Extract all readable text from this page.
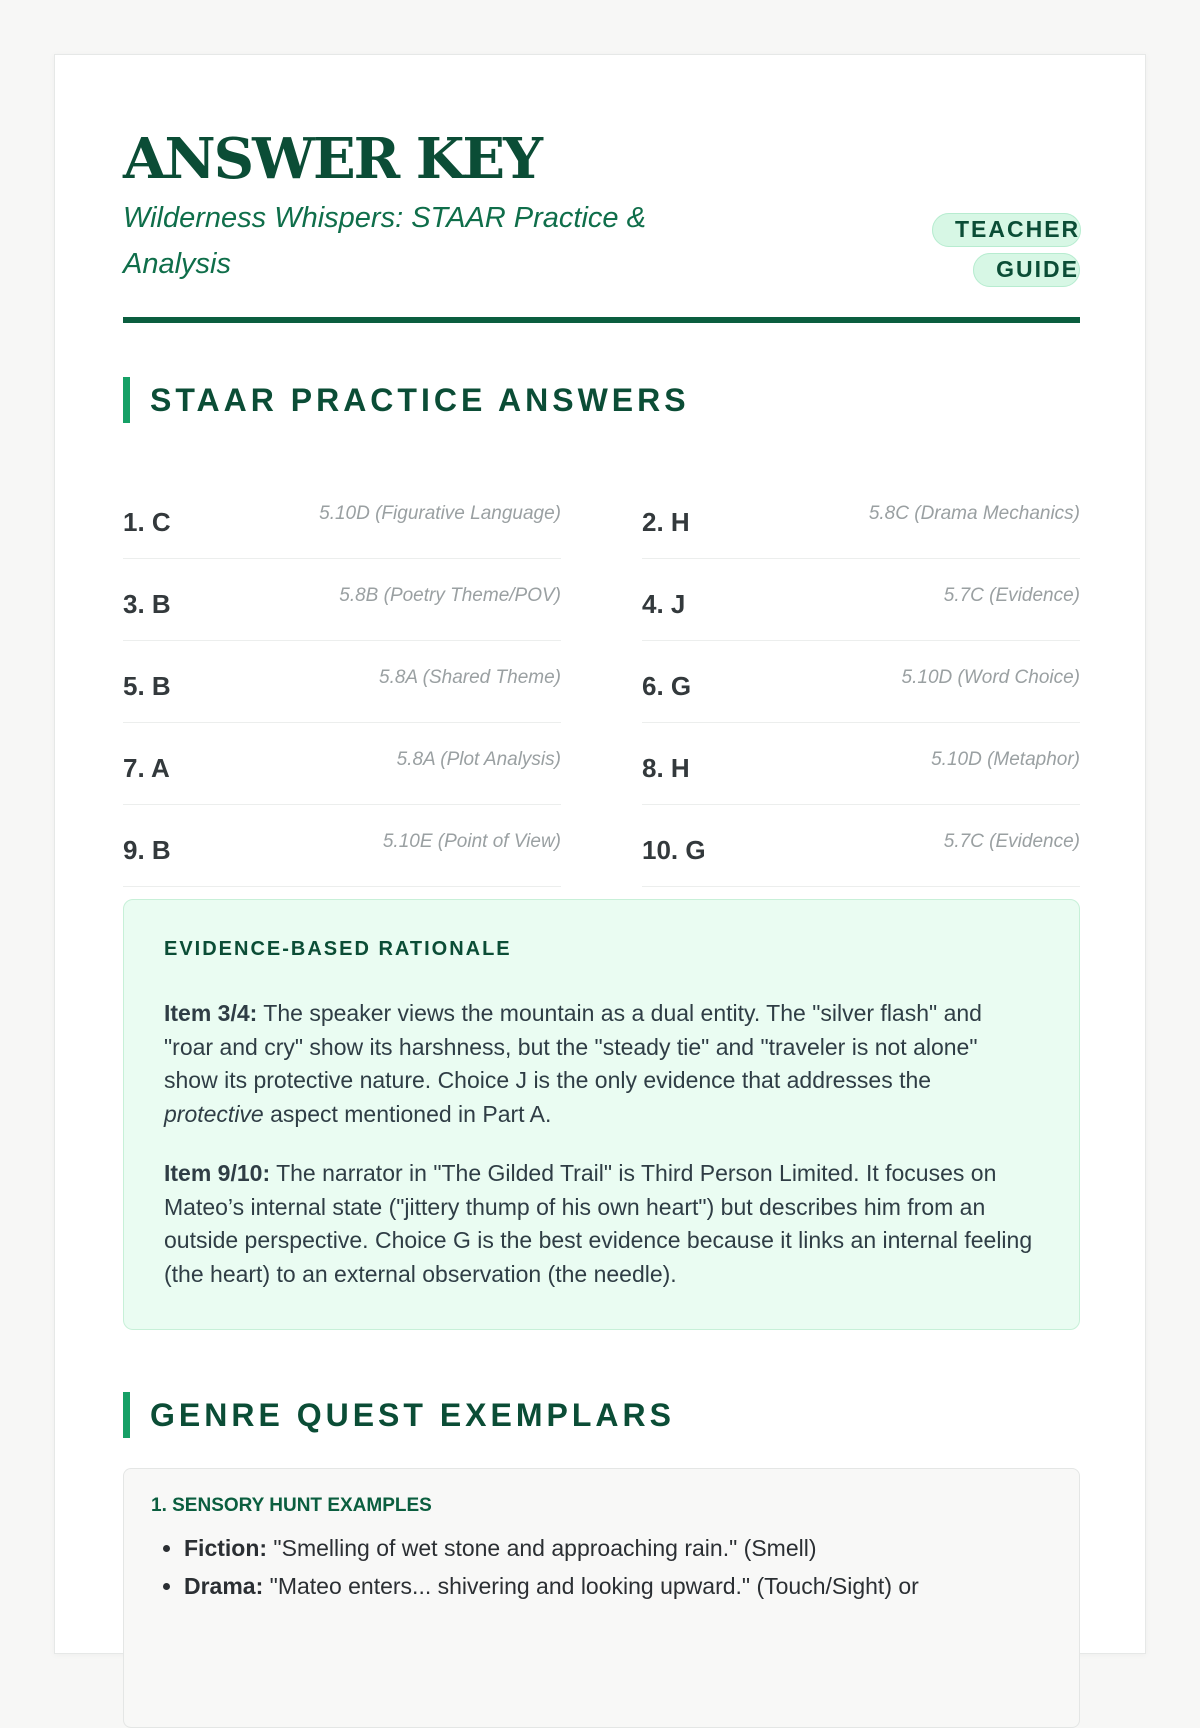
ANSWER KEY

Wilderness Whispers: STAAR Practice & Analysis

TEACHER GUIDE
STAAR PRACTICE ANSWERS
1. C	5.10D (Figurative Language)	2. H	5.8C (Drama Mechanics)
3. B	5.8B (Poetry Theme/POV)	4. J	5.7C (Evidence)
5. B	5.8A (Shared Theme)	6. G	5.10D (Word Choice)
7. A	5.8A (Plot Analysis)	8. H	5.10D (Metaphor)
9. B	5.10E (Point of View)	10. G	5.7C (Evidence)
EVIDENCE-BASED RATIONALE
Item 3/4: The speaker views the mountain as a dual entity. The "silver flash" and "roar and cry" show its harshness, but the "steady tie" and "traveler is not alone" show its protective nature. Choice J is the only evidence that addresses the protective aspect mentioned in Part A.
Item 9/10: The narrator in "The Gilded Trail" is Third Person Limited. It focuses on Mateo’s internal state ("jittery thump of his own heart") but describes him from an outside perspective. Choice G is the best evidence because it links an internal feeling (the heart) to an external observation (the needle).
GENRE QUEST EXEMPLARS
1. SENSORY HUNT EXAMPLES
• Fiction: "Smelling of wet stone and approaching rain." (Smell)
• Drama: "Mateo enters... shivering and looking upward." (Touch/Sight) or
